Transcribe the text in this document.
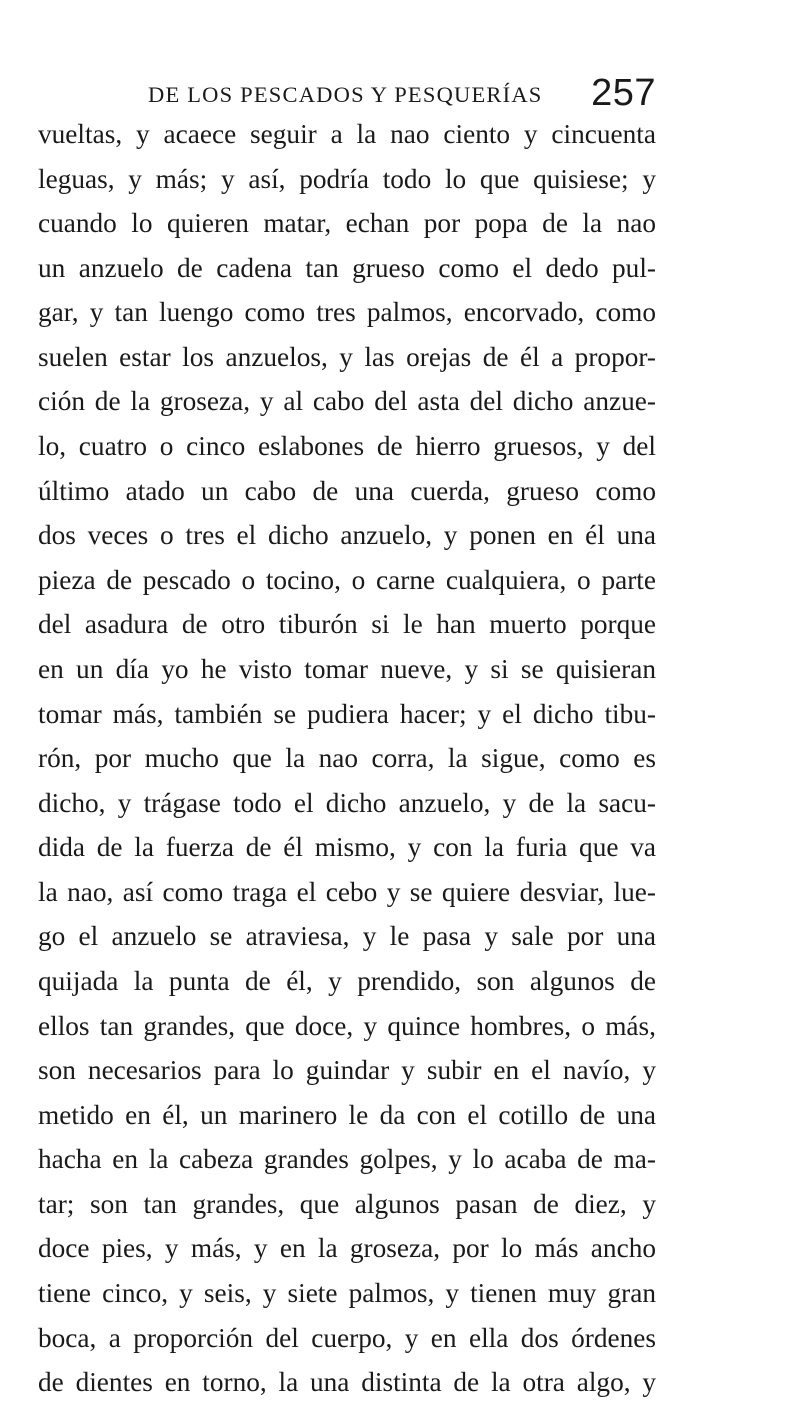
DE LOS PESCADOS Y PESQUERÍAS 257
vueltas, y acaece seguir a la nao ciento y cincuenta
leguas, y más; y así, podría todo lo que quisiese; y
cuando lo quieren matar, echan por popa de la nao
un anzuelo de cadena tan grueso como el dedo pul-
gar, y tan luengo como tres palmos, encorvado, como
suelen estar los anzuelos, y las orejas de él a propor-
ción de la groseza, y al cabo del asta del dicho anzue-
lo, cuatro o cinco eslabones de hierro gruesos, y del
último atado un cabo de una cuerda, grueso como
dos veces o tres el dicho anzuelo, y ponen en él una
pieza de pescado o tocino, o carne cualquiera, o parte
del asadura de otro tiburón si le han muerto porque
en un día yo he visto tomar nueve, y si se quisieran
tomar más, también se pudiera hacer; y el dicho tibu-
rón, por mucho que la nao corra, la sigue, como es
dicho, y trágase todo el dicho anzuelo, y de la sacu-
dida de la fuerza de él mismo, y con la furia que va
la nao, así como traga el cebo y se quiere desviar, lue-
go el anzuelo se atraviesa, y le pasa y sale por una
quijada la punta de él, y prendido, son algunos de
ellos tan grandes, que doce, y quince hombres, o más,
son necesarios para lo guindar y subir en el navío, y
metido en él, un marinero le da con el cotillo de una
hacha en la cabeza grandes golpes, y lo acaba de ma-
tar; son tan grandes, que algunos pasan de diez, y
doce pies, y más, y en la groseza, por lo más ancho
tiene cinco, y seis, y siete palmos, y tienen muy gran
boca, a proporción del cuerpo, y en ella dos órdenes
de dientes en torno, la una distinta de la otra algo, y
